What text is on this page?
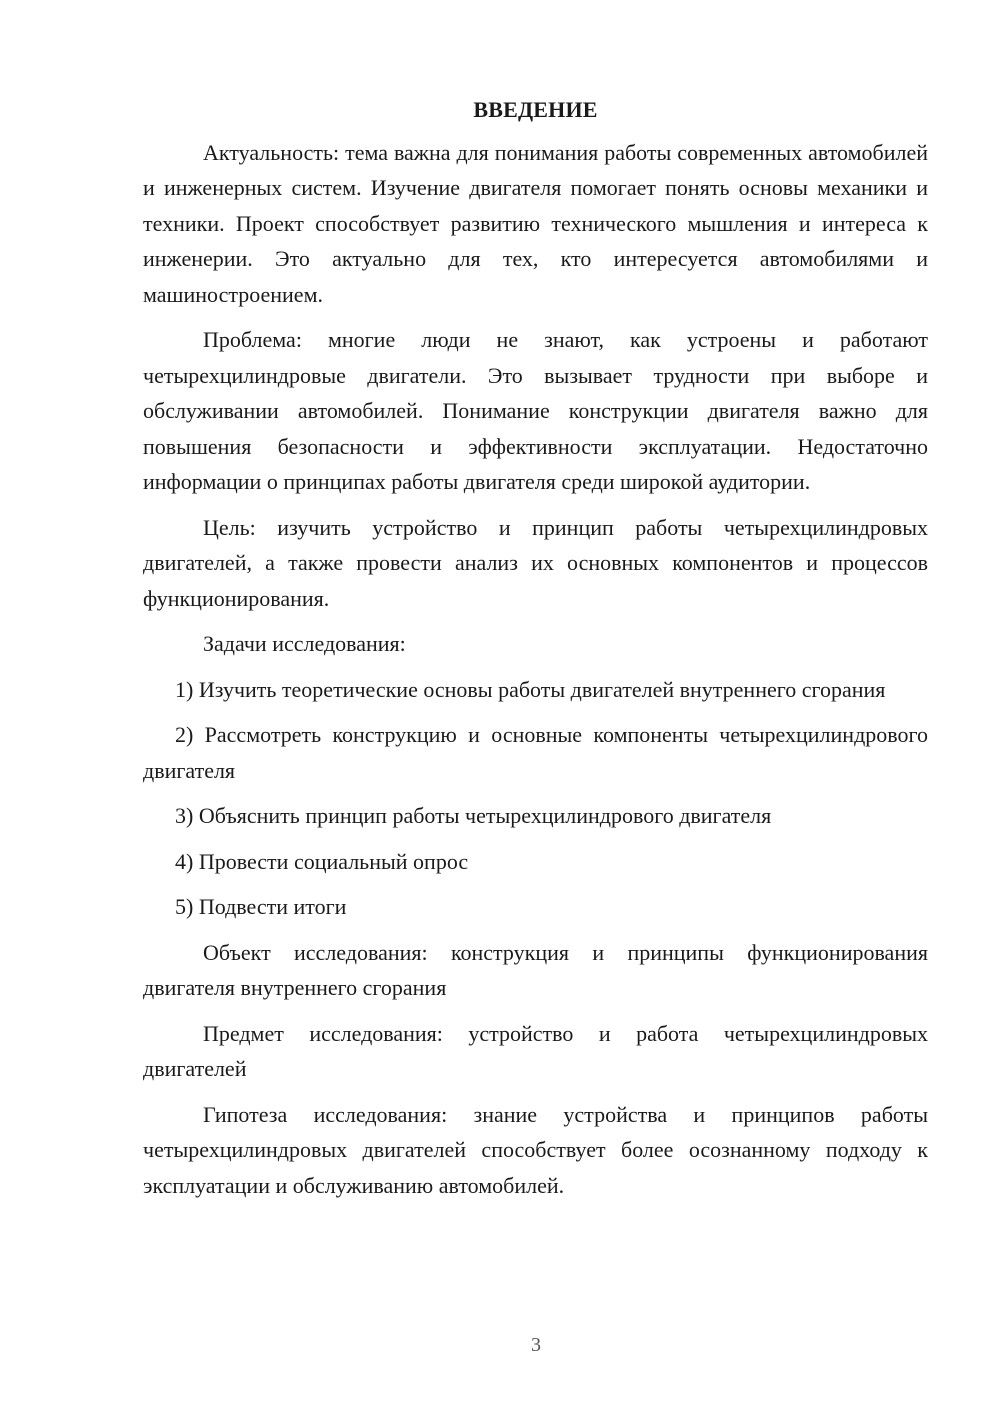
ВВЕДЕНИЕ

Актуальность: тема важна для понимания работы современных автомобилей и инженерных систем. Изучение двигателя помогает понять основы механики и техники. Проект способствует развитию технического мышления и интереса к инженерии. Это актуально для тех, кто интересуется автомобилями и машиностроением.

Проблема: многие люди не знают, как устроены и работают четырехцилиндровые двигатели. Это вызывает трудности при выборе и обслуживании автомобилей. Понимание конструкции двигателя важно для повышения безопасности и эффективности эксплуатации. Недостаточно информации о принципах работы двигателя среди широкой аудитории.

Цель: изучить устройство и принцип работы четырехцилиндровых двигателей, а также провести анализ их основных компонентов и процессов функционирования.

Задачи исследования:

1) Изучить теоретические основы работы двигателей внутреннего сгорания

2) Рассмотреть конструкцию и основные компоненты четырехцилиндрового двигателя

3) Объяснить принцип работы четырехцилиндрового двигателя

4) Провести социальный опрос

5) Подвести итоги

Объект исследования: конструкция и принципы функционирования двигателя внутреннего сгорания

Предмет исследования: устройство и работа четырехцилиндровых двигателей

Гипотеза исследования: знание устройства и принципов работы четырехцилиндровых двигателей способствует более осознанному подходу к эксплуатации и обслуживанию автомобилей.

3
